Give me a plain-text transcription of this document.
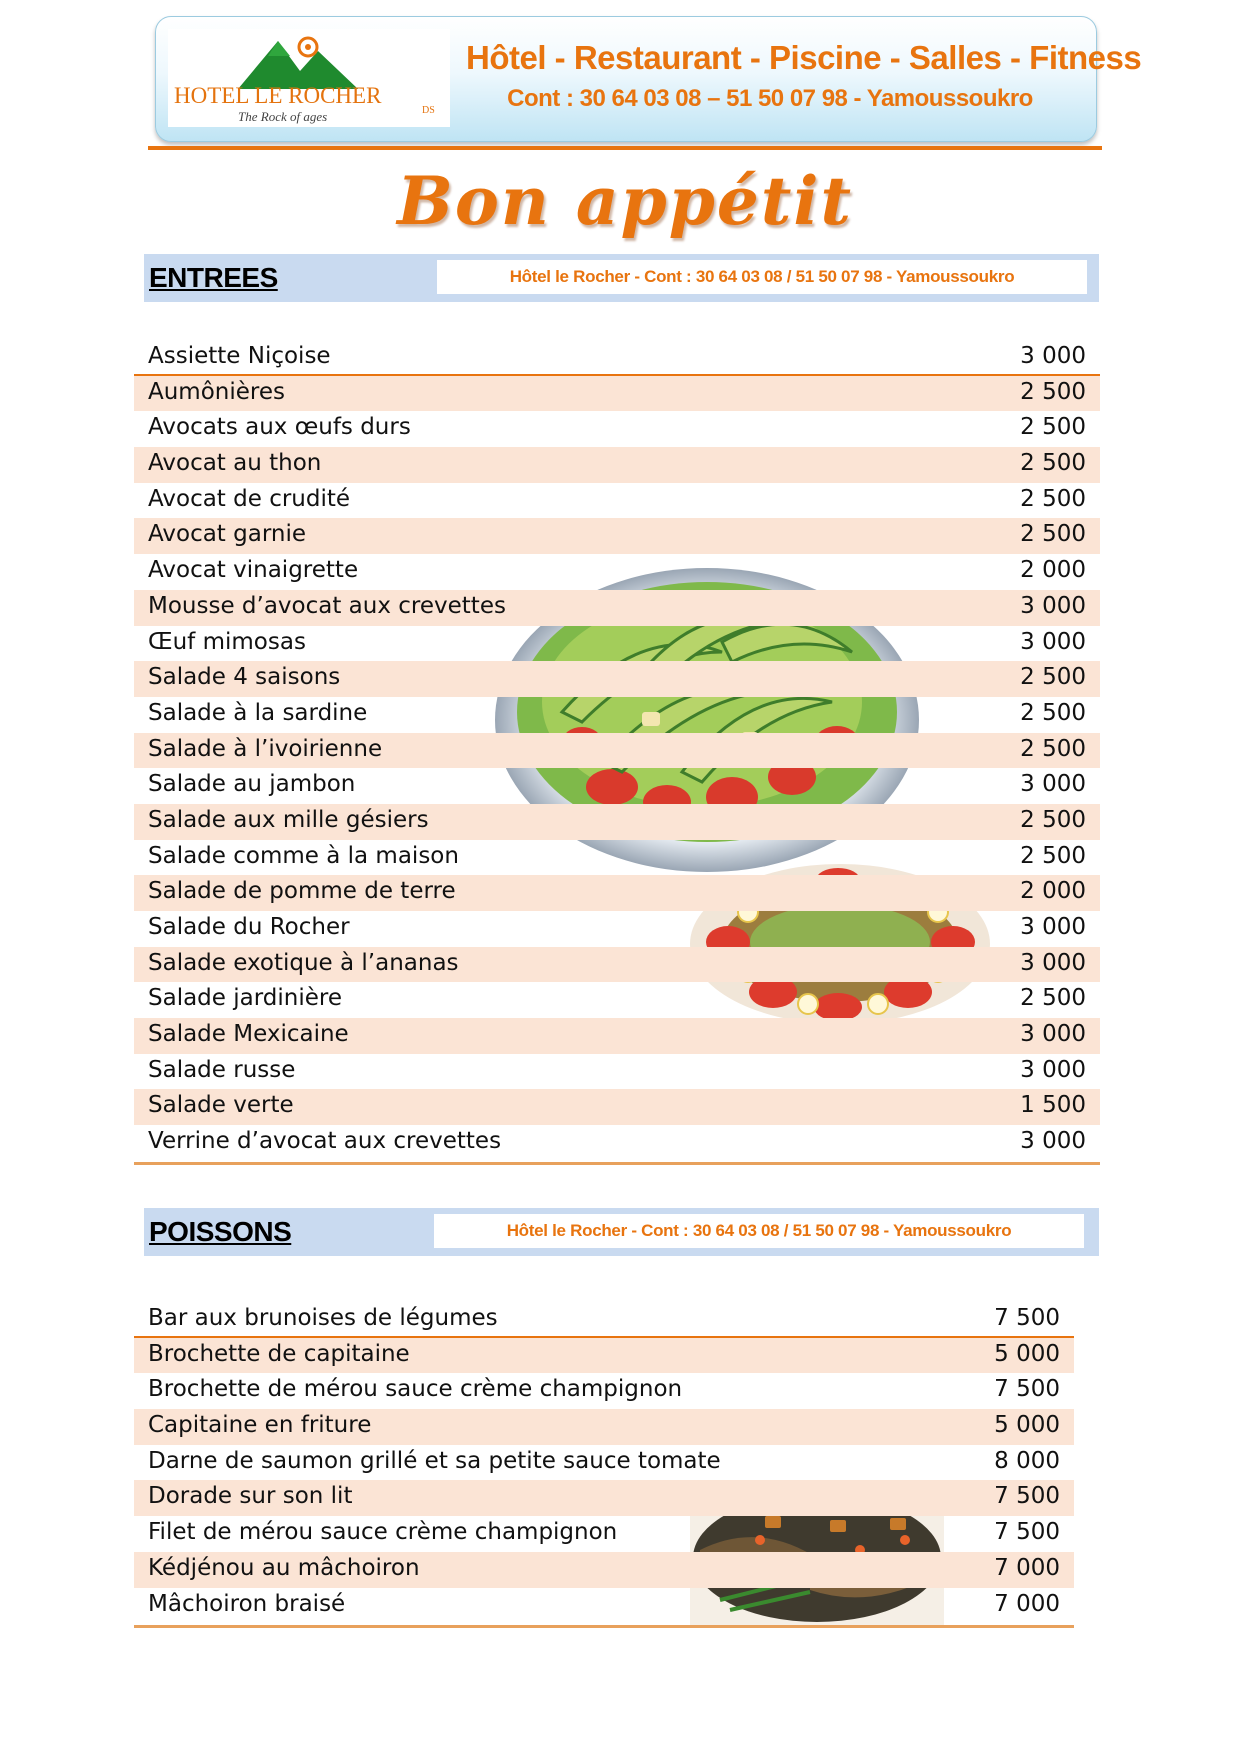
HOTEL LE ROCHER
DS
The Rock of ages
Hôtel - Restaurant - Piscine - Salles - Fitness
Cont : 30 64 03 08 – 51 50 07 98 - Yamoussoukro
Bon appétit
ENTREES	Hôtel le Rocher - Cont : 30 64 03 08 / 51 50 07 98 - Yamoussoukro
Assiette Niçoise	3 000
Aumônières	2 500
Avocats aux œufs durs	2 500
Avocat au thon	2 500
Avocat de crudité	2 500
Avocat garnie	2 500
Avocat vinaigrette	2 000
Mousse d’avocat aux crevettes	3 000
Œuf mimosas	3 000
Salade 4 saisons	2 500
Salade à la sardine	2 500
Salade à l’ivoirienne	2 500
Salade au jambon	3 000
Salade aux mille gésiers	2 500
Salade comme à la maison	2 500
Salade de pomme de terre	2 000
Salade du Rocher	3 000
Salade exotique à l’ananas	3 000
Salade jardinière	2 500
Salade Mexicaine	3 000
Salade russe	3 000
Salade verte	1 500
Verrine d’avocat aux crevettes	3 000
POISSONS	Hôtel le Rocher - Cont : 30 64 03 08 / 51 50 07 98 - Yamoussoukro
Bar aux brunoises de légumes	7 500
Brochette de capitaine	5 000
Brochette de mérou sauce crème champignon	7 500
Capitaine en friture	5 000
Darne de saumon grillé et sa petite sauce tomate	8 000
Dorade sur son lit	7 500
Filet de mérou sauce crème champignon	7 500
Kédjénou au mâchoiron	7 000
Mâchoiron braisé	7 000
